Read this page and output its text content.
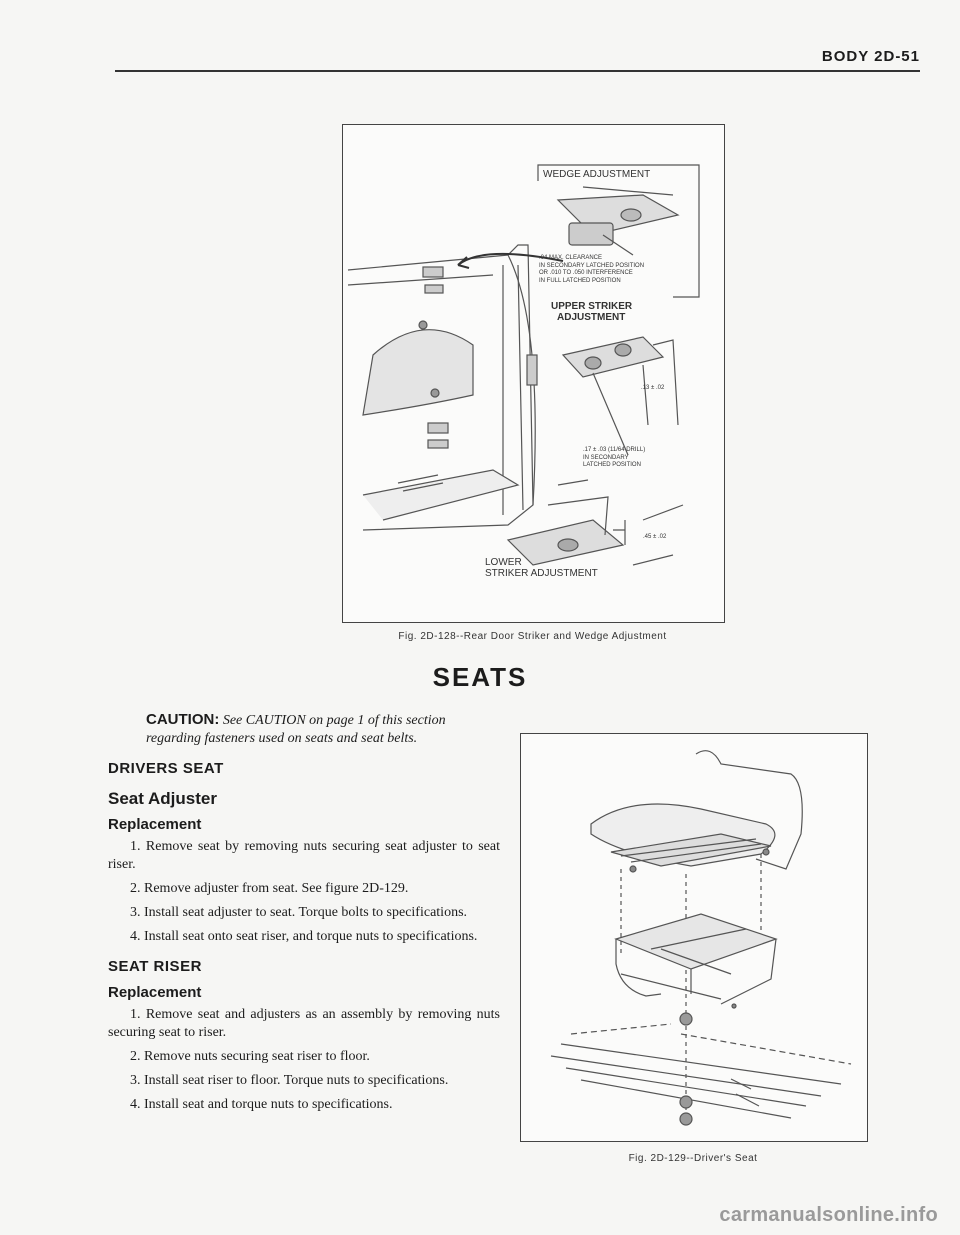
BODY 2D-51
WEDGE ADJUSTMENT
.04 MAX. CLEARANCE
IN SECONDARY LATCHED POSITION
OR .010 TO .050 INTERFERENCE
IN FULL LATCHED POSITION
UPPER STRIKER
ADJUSTMENT
.13 ± .02
.17 ± .03 (11/64 DRILL)
IN SECONDARY
LATCHED POSITION
.45 ± .02
LOWER
STRIKER ADJUSTMENT
Fig. 2D-128--Rear Door Striker and Wedge Adjustment
SEATS
CAUTION: See CAUTION on page 1 of this section regarding fasteners used on seats and seat belts.
DRIVERS SEAT
Seat Adjuster
Replacement

1. Remove seat by removing nuts securing seat adjuster to seat riser.

2. Remove adjuster from seat. See figure 2D-129.

3. Install seat adjuster to seat. Torque bolts to specifications.

4. Install seat onto seat riser, and torque nuts to specifications.

SEAT RISER
Replacement

1. Remove seat and adjusters as an assembly by removing nuts securing seat to riser.

2. Remove nuts securing seat riser to floor.

3. Install seat riser to floor. Torque nuts to specifications.

4. Install seat and torque nuts to specifications.

Fig. 2D-129--Driver's Seat
carmanualsonline.info
